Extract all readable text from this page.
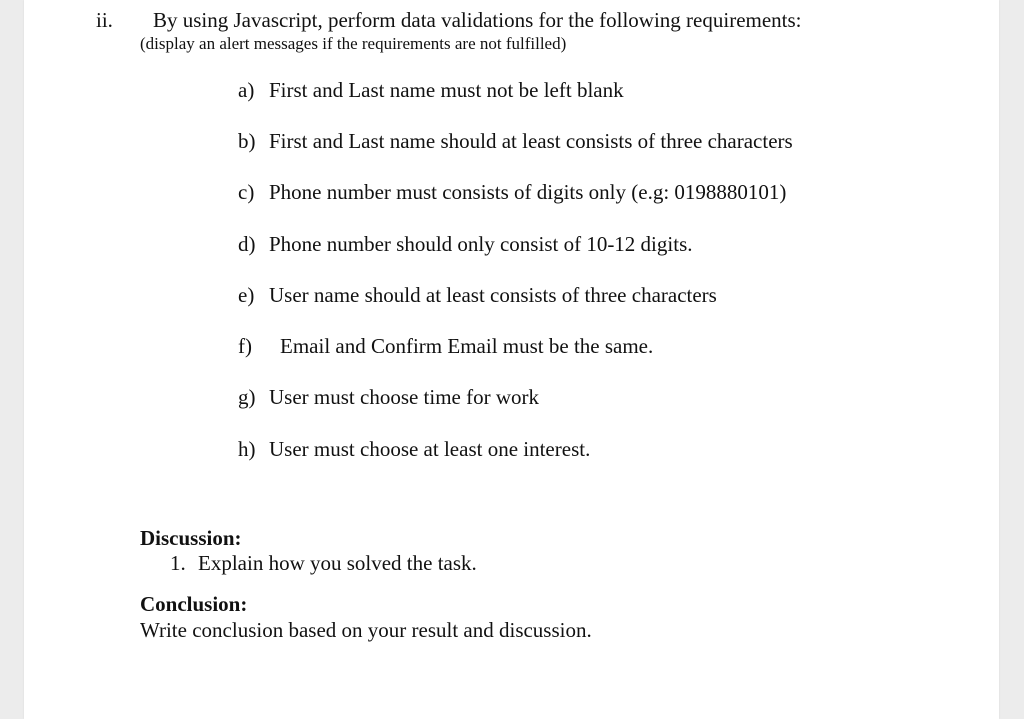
ii. By using Javascript, perform data validations for the following requirements:
(display an alert messages if the requirements are not fulfilled)
a) First and Last name must not be left blank
b) First and Last name should at least consists of three characters
c) Phone number must consists of digits only (e.g: 0198880101)
d) Phone number should only consist of 10-12 digits.
e) User name should at least consists of three characters
f) Email and Confirm Email must be the same.
g) User must choose time for work
h) User must choose at least one interest.
Discussion:
1. Explain how you solved the task.
Conclusion:
Write conclusion based on your result and discussion.
